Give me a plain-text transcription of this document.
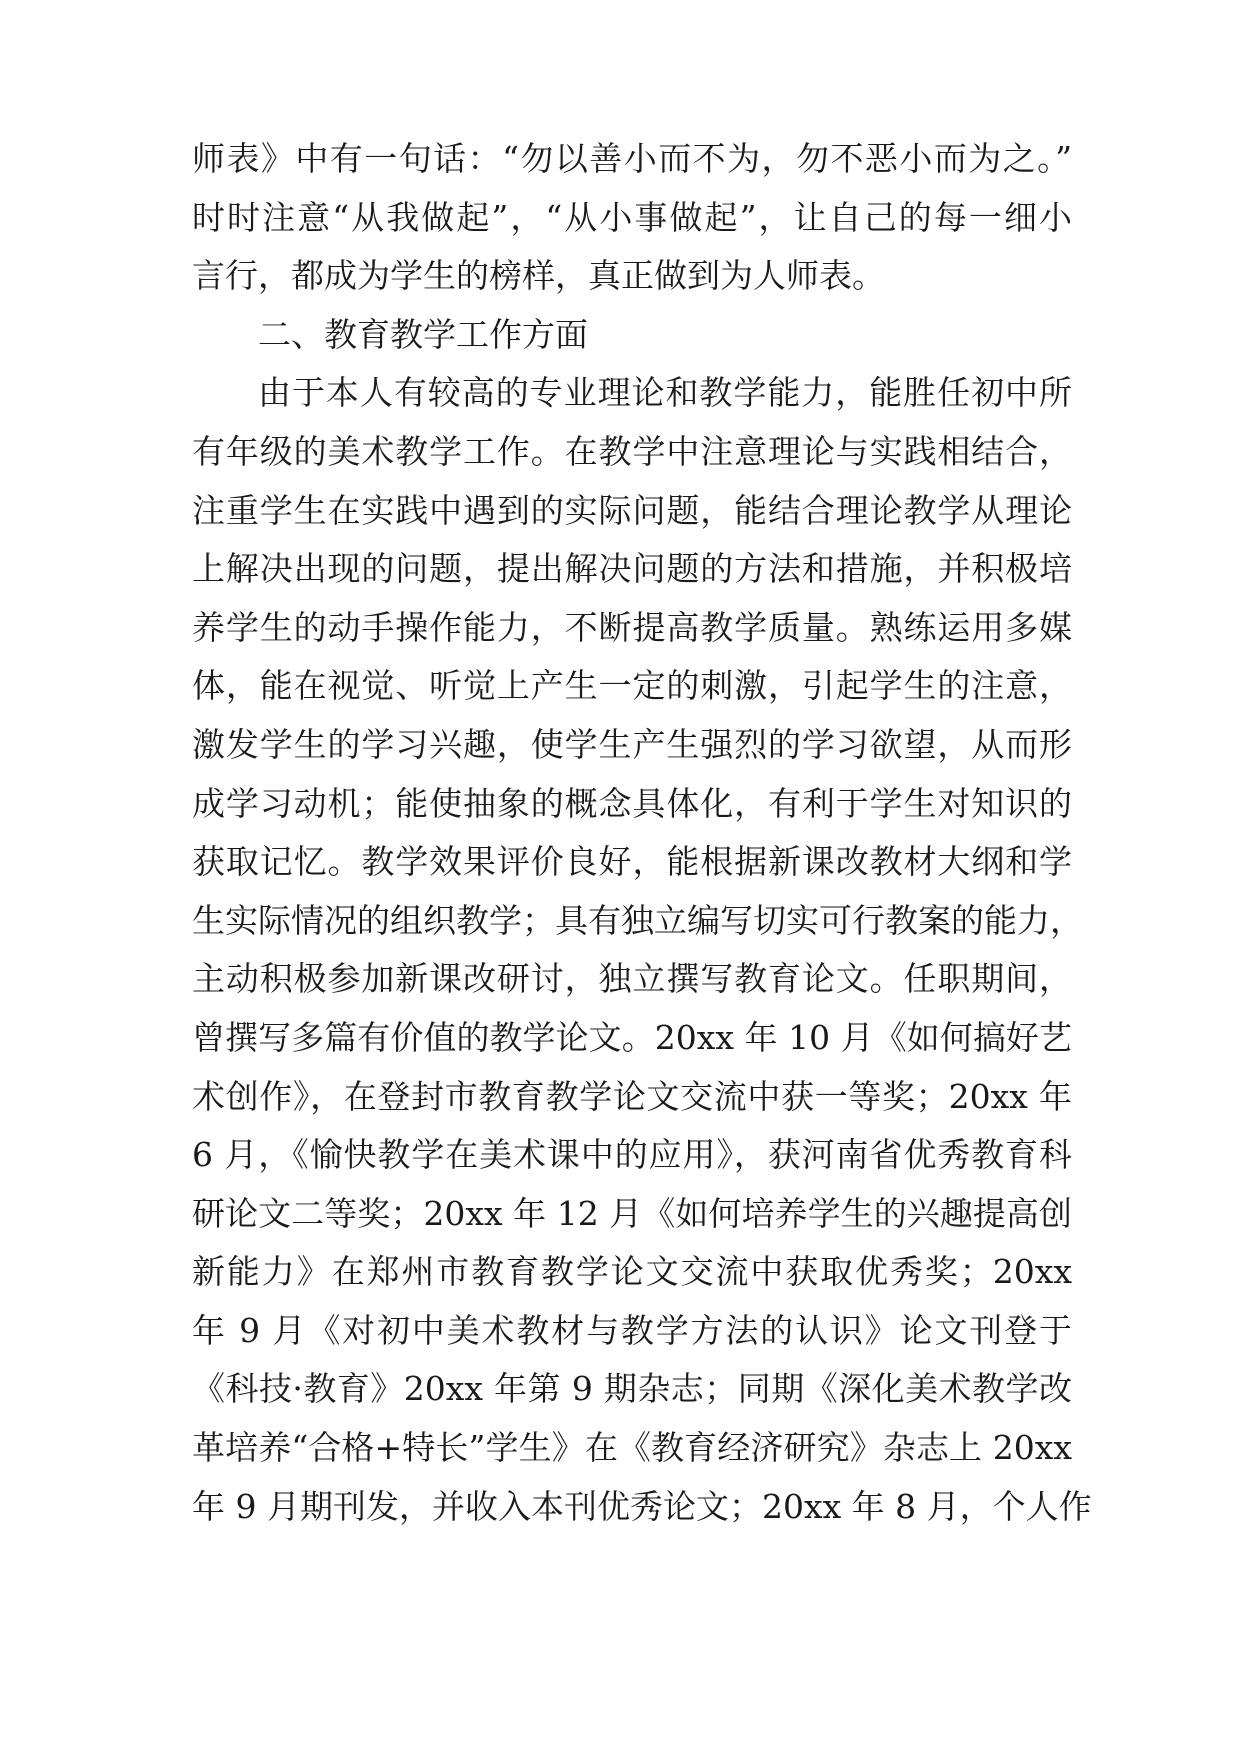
师表》中有一句话：“勿以善小而不为，勿不恶小而为之。”
时时注意“从我做起”，“从小事做起”，让自己的每一细小
言行，都成为学生的榜样，真正做到为人师表。
二、教育教学工作方面
由于本人有较高的专业理论和教学能力，能胜任初中所
有年级的美术教学工作。在教学中注意理论与实践相结合，
注重学生在实践中遇到的实际问题，能结合理论教学从理论
上解决出现的问题，提出解决问题的方法和措施，并积极培
养学生的动手操作能力，不断提高教学质量。熟练运用多媒
体，能在视觉、听觉上产生一定的刺激，引起学生的注意，
激发学生的学习兴趣，使学生产生强烈的学习欲望，从而形
成学习动机；能使抽象的概念具体化，有利于学生对知识的
获取记忆。教学效果评价良好，能根据新课改教材大纲和学
生实际情况的组织教学；具有独立编写切实可行教案的能力，
主动积极参加新课改研讨，独立撰写教育论文。任职期间，
曾撰写多篇有价值的教学论文。20xx 年 10 月《如何搞好艺
术创作》，在登封市教育教学论文交流中获一等奖；20xx 年
6 月，《愉快教学在美术课中的应用》，获河南省优秀教育科
研论文二等奖；20xx 年 12 月《如何培养学生的兴趣提高创
新能力》在郑州市教育教学论文交流中获取优秀奖；20xx
年 9 月《对初中美术教材与教学方法的认识》论文刊登于
《科技·教育》20xx 年第 9 期杂志；同期《深化美术教学改
革培养“合格+特长”学生》在《教育经济研究》杂志上 20xx
年 9 月期刊发，并收入本刊优秀论文；20xx 年 8 月，个人作
